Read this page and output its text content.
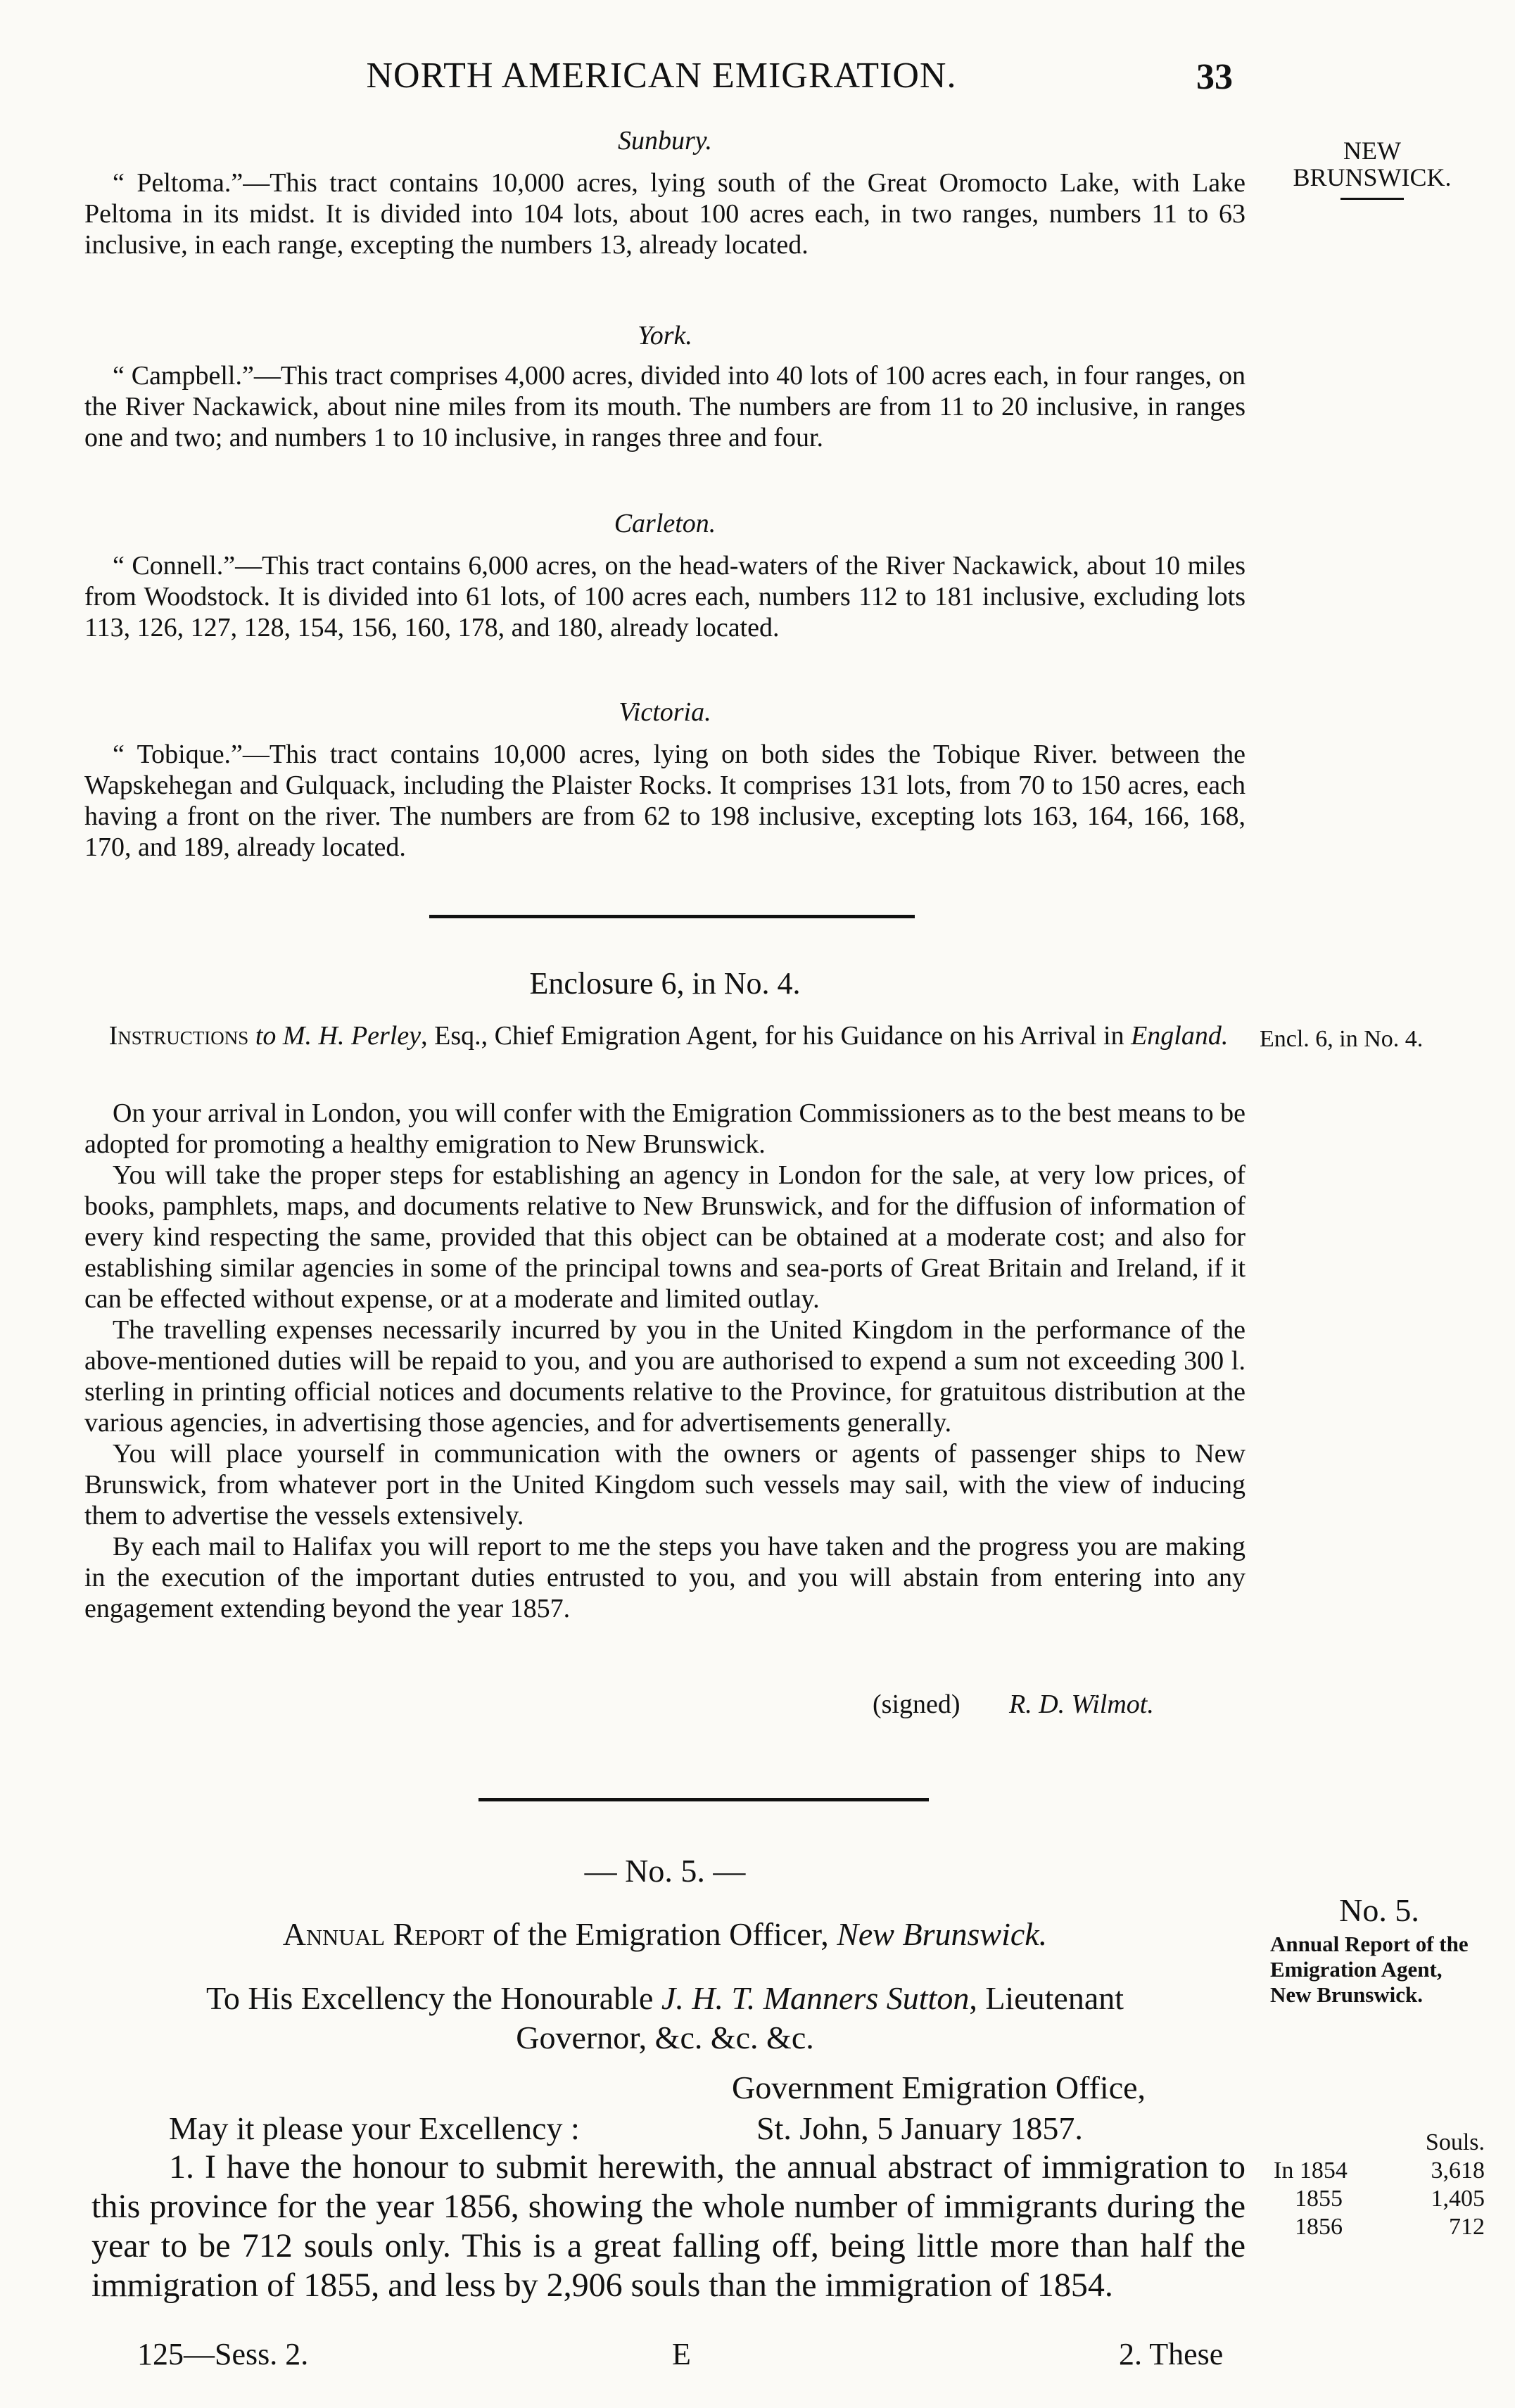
NORTH AMERICAN EMIGRATION.	33
NEW
BRUNSWICK.
Sunbury.

“ Peltoma.”—This tract contains 10,000 acres, lying south of the Great Oromocto Lake, with Lake Peltoma in its midst. It is divided into 104 lots, about 100 acres each, in two ranges, numbers 11 to 63 inclusive, in each range, excepting the numbers 13, already located.

York.

“ Campbell.”—This tract comprises 4,000 acres, divided into 40 lots of 100 acres each, in four ranges, on the River Nackawick, about nine miles from its mouth. The numbers are from 11 to 20 inclusive, in ranges one and two; and numbers 1 to 10 inclusive, in ranges three and four.

Carleton.

“ Connell.”—This tract contains 6,000 acres, on the head-waters of the River Nackawick, about 10 miles from Woodstock. It is divided into 61 lots, of 100 acres each, numbers 112 to 181 inclusive, excluding lots 113, 126, 127, 128, 154, 156, 160, 178, and 180, already located.

Victoria.

“ Tobique.”—This tract contains 10,000 acres, lying on both sides the Tobique River. between the Wapskehegan and Gulquack, including the Plaister Rocks. It comprises 131 lots, from 70 to 150 acres, each having a front on the river. The numbers are from 62 to 198 inclusive, excepting lots 163, 164, 166, 168, 170, and 189, already located.

Enclosure 6, in No. 4.
Instructions to M. H. Perley, Esq., Chief Emigration Agent, for his Guidance on his Arrival in England.	Encl. 6, in No. 4.

On your arrival in London, you will confer with the Emigration Commissioners as to the best means to be adopted for promoting a healthy emigration to New Brunswick.

You will take the proper steps for establishing an agency in London for the sale, at very low prices, of books, pamphlets, maps, and documents relative to New Brunswick, and for the diffusion of information of every kind respecting the same, provided that this object can be obtained at a moderate cost; and also for establishing similar agencies in some of the principal towns and sea-ports of Great Britain and Ireland, if it can be effected without expense, or at a moderate and limited outlay.

The travelling expenses necessarily incurred by you in the United Kingdom in the performance of the above-mentioned duties will be repaid to you, and you are authorised to expend a sum not exceeding 300 l. sterling in printing official notices and documents relative to the Province, for gratuitous distribution at the various agencies, in advertising those agencies, and for advertisements generally.

You will place yourself in communication with the owners or agents of passenger ships to New Brunswick, from whatever port in the United Kingdom such vessels may sail, with the view of inducing them to advertise the vessels extensively.

By each mail to Halifax you will report to me the steps you have taken and the progress you are making in the execution of the important duties entrusted to you, and you will abstain from entering into any engagement extending beyond the year 1857.

(signed) R. D. Wilmot.
— No. 5. —
No. 5.
Annual Report of the Emigration Agent, New Brunswick.
Annual Report of the Emigration Officer, New Brunswick.
To His Excellency the Honourable J. H. T. Manners Sutton, Lieutenant
Governor, &c. &c. &c.
Government Emigration Office,
May it please your Excellency :	St. John, 5 January 1857.

1. I have the honour to submit herewith, the annual abstract of immigration to this province for the year 1856, showing the whole number of immigrants during the year to be 712 souls only. This is a great falling off, being little more than half the immigration of 1855, and less by 2,906 souls than the immigration of 1854.

Souls.
In 1854	3,618
1855	1,405
1856	712
125—Sess. 2.	E	2. These
